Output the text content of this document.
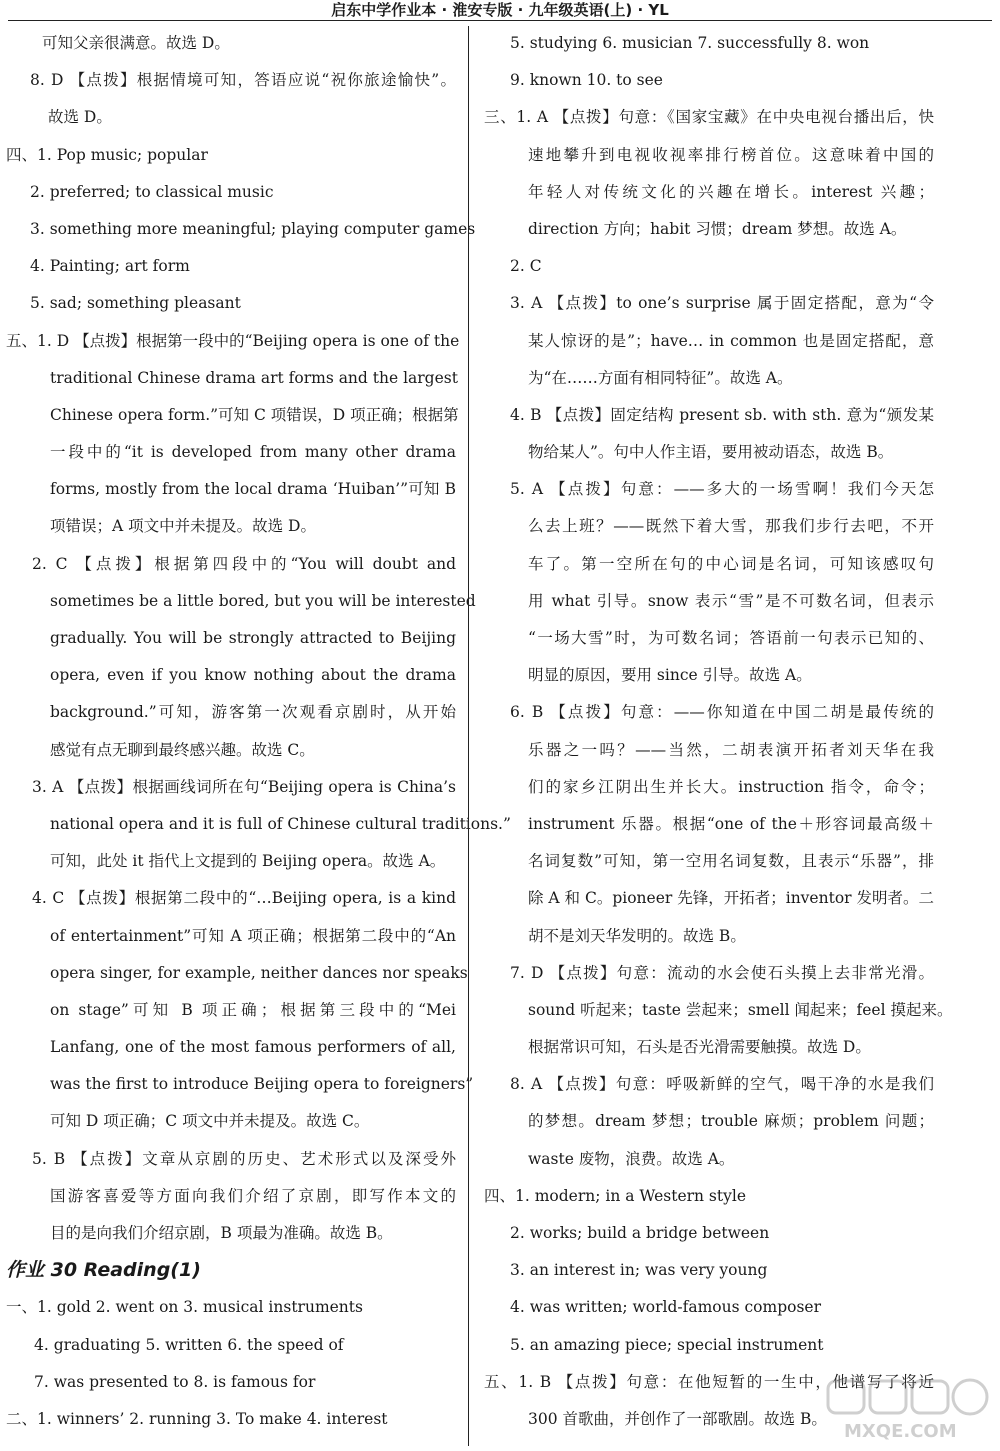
启东中学作业本 · 淮安专版 · 九年级英语(上) · YL
可知父亲很满意。故选 D。
8. D 【点拨】根据情境可知，答语应说“祝你旅途愉快”。
故选 D。
四、1. Pop music; popular
2. preferred; to classical music
3. something more meaningful; playing computer games
4. Painting; art form
5. sad; something pleasant
五、1. D 【点拨】根据第一段中的“Beijing opera is one of the
traditional Chinese drama art forms and the largest
Chinese opera form.”可知 C 项错误，D 项正确；根据第
一段中的“it is developed from many other drama
forms, mostly from the local drama ‘Huiban’”可知 B
项错误；A 项文中并未提及。故选 D。
2. C 【点拨】根据第四段中的“You will doubt and
sometimes be a little bored, but you will be interested
gradually. You will be strongly attracted to Beijing
opera, even if you know nothing about the drama
background.”可知，游客第一次观看京剧时，从开始
感觉有点无聊到最终感兴趣。故选 C。
3. A 【点拨】根据画线词所在句“Beijing opera is China’s
national opera and it is full of Chinese cultural traditions.”
可知，此处 it 指代上文提到的 Beijing opera。故选 A。
4. C 【点拨】根据第二段中的“…Beijing opera, is a kind
of entertainment”可知 A 项正确；根据第二段中的“An
opera singer, for example, neither dances nor speaks
on stage”可知 B 项正确；根据第三段中的“Mei
Lanfang, one of the most famous performers of all,
was the first to introduce Beijing opera to foreigners”
可知 D 项正确；C 项文中并未提及。故选 C。
5. B 【点拨】文章从京剧的历史、艺术形式以及深受外
国游客喜爱等方面向我们介绍了京剧，即写作本文的
目的是向我们介绍京剧，B 项最为准确。故选 B。
作业 30 Reading(1)
一、1. gold 2. went on 3. musical instruments
4. graduating 5. written 6. the speed of
7. was presented to 8. is famous for
二、1. winners’ 2. running 3. To make 4. interest
5. studying 6. musician 7. successfully 8. won
9. known 10. to see
三、1. A 【点拨】句意：《国家宝藏》在中央电视台播出后，快
速地攀升到电视收视率排行榜首位。这意味着中国的
年轻人对传统文化的兴趣在增长。interest 兴趣；
direction 方向；habit 习惯；dream 梦想。故选 A。
2. C
3. A 【点拨】to one’s surprise 属于固定搭配，意为“令
某人惊讶的是”；have… in common 也是固定搭配，意
为“在……方面有相同特征”。故选 A。
4. B 【点拨】固定结构 present sb. with sth. 意为“颁发某
物给某人”。句中人作主语，要用被动语态，故选 B。
5. A 【点拨】句意：——多大的一场雪啊！我们今天怎
么去上班？——既然下着大雪，那我们步行去吧，不开
车了。第一空所在句的中心词是名词，可知该感叹句
用 what 引导。snow 表示“雪”是不可数名词，但表示
“一场大雪”时，为可数名词；答语前一句表示已知的、
明显的原因，要用 since 引导。故选 A。
6. B 【点拨】句意：——你知道在中国二胡是最传统的
乐器之一吗？——当然，二胡表演开拓者刘天华在我
们的家乡江阴出生并长大。instruction 指令，命令；
instrument 乐器。根据“one of the＋形容词最高级＋
名词复数”可知，第一空用名词复数，且表示“乐器”，排
除 A 和 C。pioneer 先锋，开拓者；inventor 发明者。二
胡不是刘天华发明的。故选 B。
7. D 【点拨】句意：流动的水会使石头摸上去非常光滑。
sound 听起来；taste 尝起来；smell 闻起来；feel 摸起来。
根据常识可知，石头是否光滑需要触摸。故选 D。
8. A 【点拨】句意：呼吸新鲜的空气，喝干净的水是我们
的梦想。dream 梦想；trouble 麻烦；problem 问题；
waste 废物，浪费。故选 A。
四、1. modern; in a Western style
2. works; build a bridge between
3. an interest in; was very young
4. was written; world-famous composer
5. an amazing piece; special instrument
五、1. B 【点拨】句意：在他短暂的一生中，他谱写了将近
300 首歌曲，并创作了一部歌剧。故选 B。
MXQE.COM
